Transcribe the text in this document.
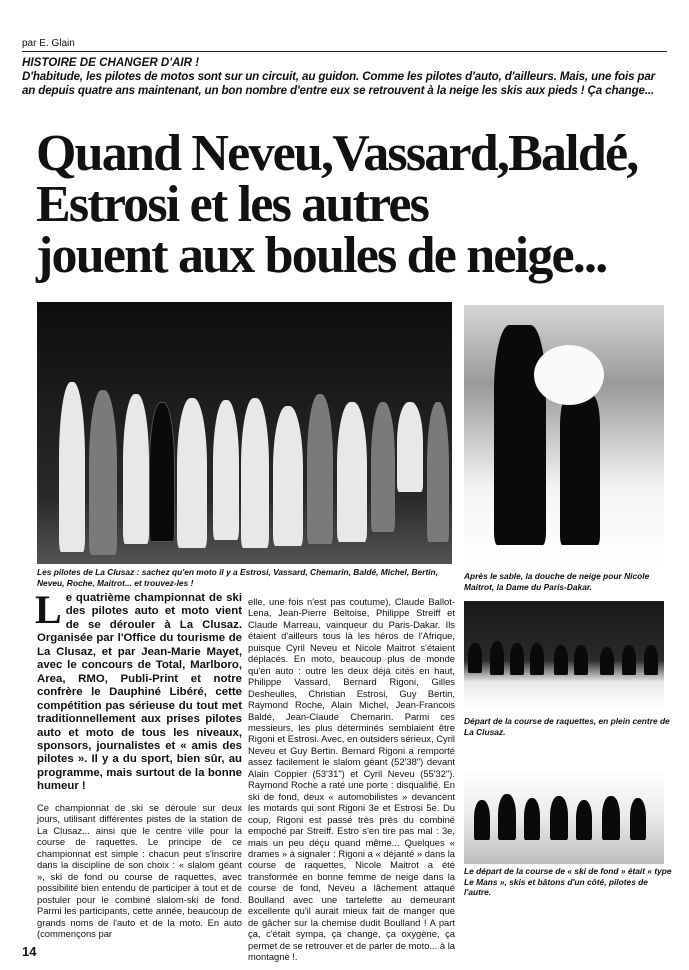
par E. Glain
HISTOIRE DE CHANGER D'AIR !
D'habitude, les pilotes de motos sont sur un circuit, au guidon. Comme les pilotes d'auto, d'ailleurs. Mais, une fois par an depuis quatre ans maintenant, un bon nombre d'entre eux se retrouvent à la neige les skis aux pieds ! Ça change...
Quand Neveu,Vassard,Baldé,
Estrosi et les autres
jouent aux boules de neige...
Les pilotes de La Clusaz : sachez qu'en moto il y a Estrosi, Vassard, Chemarin, Baldé, Michel, Bertin, Neveu, Roche, Maitrot... et trouvez-les !
Après le sable, la douche de neige pour Nicole Maitrot, la Dame du Paris-Dakar.
Départ de la course de raquettes, en plein centre de La Clusaz.
Le départ de la course de « ski de fond » était « type Le Mans », skis et bâtons d'un côté, pilotes de l'autre.
L e quatrième championnat de ski des pilotes auto et moto vient de se dérouler à La Clusaz. Organisée par l'Office du tourisme de La Clusaz, et par Jean-Marie Mayet, avec le concours de Total, Marlboro, Area, RMO, Publi-Print et notre confrère le Dauphiné Libéré, cette compétition pas sérieuse du tout met traditionnellement aux prises pilotes auto et moto de tous les niveaux, sponsors, journalistes et « amis des pilotes ». Il y a du sport, bien sûr, au programme, mais surtout de la bonne humeur !
Ce championnat de ski se déroule sur deux jours, utilisant différentes pistes de la station de La Clusaz... ainsi que le centre ville pour la course de raquettes. Le principe de ce championnat est simple : chacun peut s'inscrire dans la discipline de son choix : « slalom géant », ski de fond ou course de raquettes, avec possibilité bien entendu de participer à tout et de postuler pour le combiné slalom-ski de fond. Parmi les participants, cette année, beaucoup de grands noms de l'auto et de la moto. En auto (commençons par
elle, une fois n'est pas coutume), Claude Ballot-Lena, Jean-Pierre Beltoise, Philippe Streiff et Claude Marreau, vainqueur du Paris-Dakar. Ils étaient d'ailleurs tous là les héros de l'Afrique, puisque Cyril Neveu et Nicole Maitrot s'étaient déplacés. En moto, beaucoup plus de monde qu'en auto : outre les deux déjà cités en haut, Philippe Vassard, Bernard Rigoni, Gilles Desheulles, Christian Estrosi, Guy Bertin, Raymond Roche, Alain Michel, Jean-Francois Baldé, Jean-Claude Chemarin. Parmi ces messieurs, les plus déterminés semblaient être Rigoni et Estrosi. Avec, en outsiders sérieux, Cyril Neveu et Guy Bertin. Bernard Rigoni a remporté assez facilement le slalom géant (52'38") devant Alain Coppier (53'31") et Cyril Neveu (55'32"). Raymond Roche a raté une porte : disqualifié. En ski de fond, deux « automobilistes » devancent les motards qui sont Rigoni 3e et Estrosi 5e. Du coup, Rigoni est passé très près du combiné empoché par Streiff. Estro s'en tire pas mal : 3e, mais un peu déçu quand même... Quelques « drames » à signaler : Rigoni a « déjanté » dans la course de raquettes, Nicole Maitrot a été transformée en bonne femme de neige dans la course de fond, Neveu a lâchement attaqué Boulland avec une tartelette au demeurant excellente qu'il aurait mieux fait de manger que de gâcher sur la chemise dudit Boulland ! A part ça, c'était sympa, ça change, ça oxygène, ça permet de se retrouver et de parler de moto... à la montagne !.
14
